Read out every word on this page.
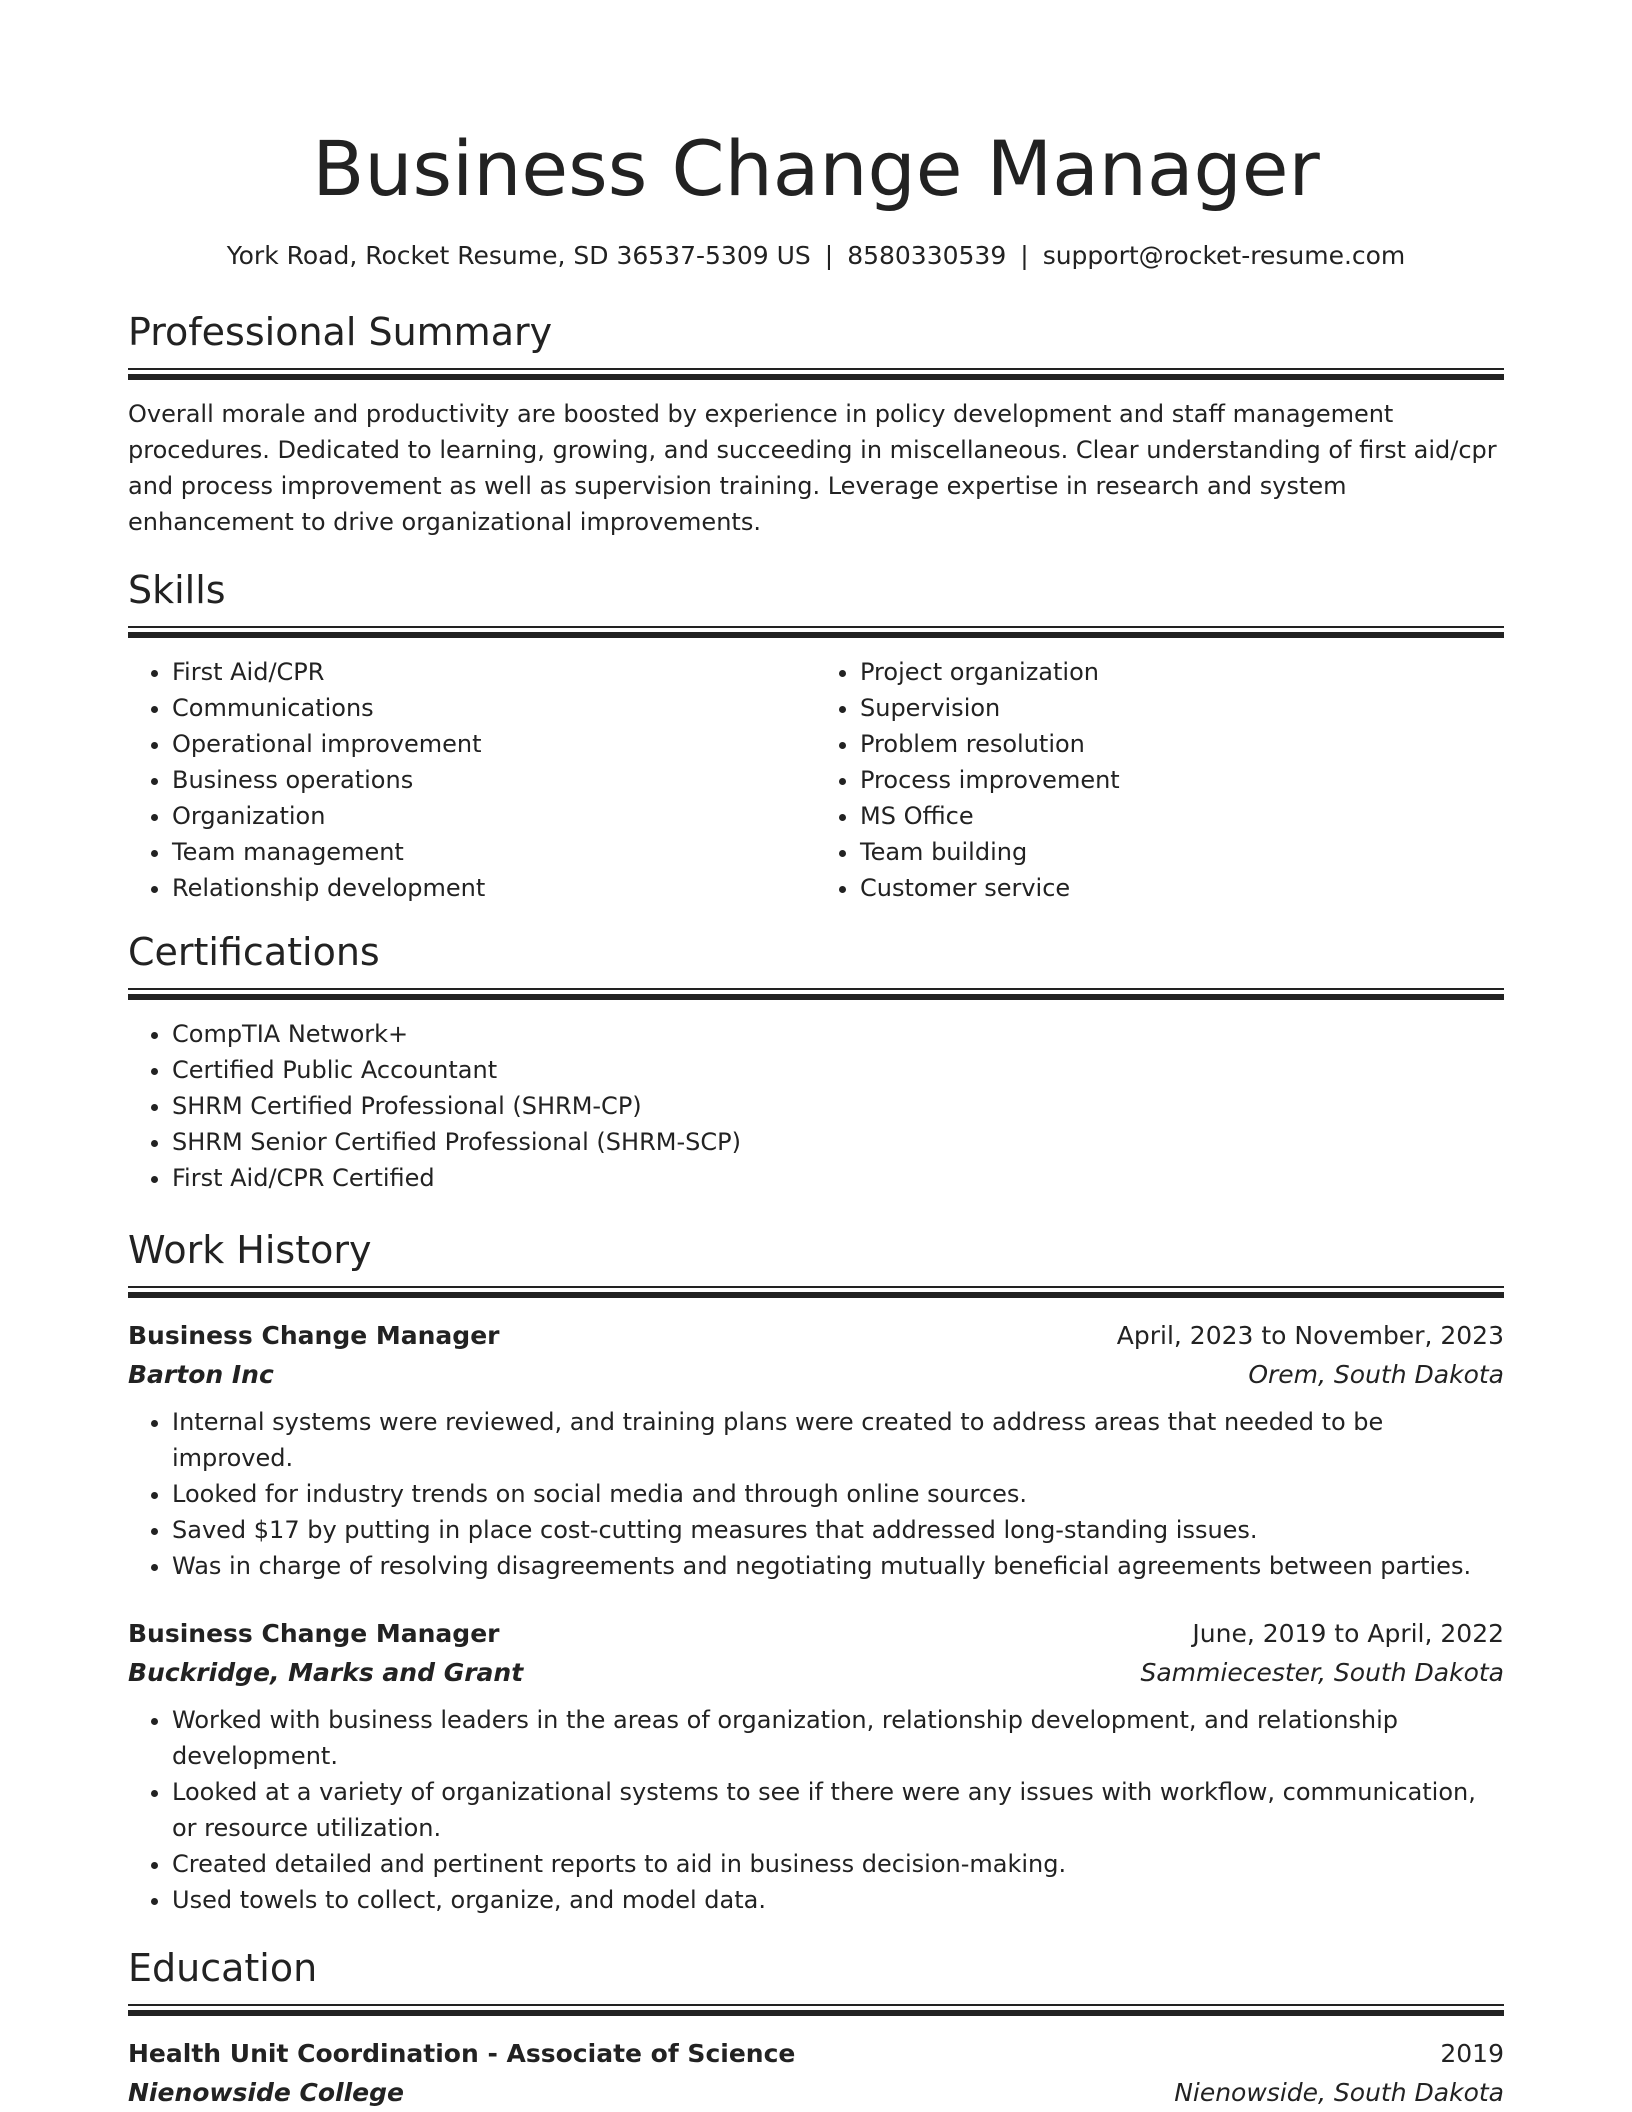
Business Change Manager
York Road, Rocket Resume, SD 36537-5309 US | 8580330539 | support@rocket-resume.com
Professional Summary

Overall morale and productivity are boosted by experience in policy development and staff management procedures. Dedicated to learning, growing, and succeeding in miscellaneous. Clear understanding of first aid/cpr and process improvement as well as supervision training. Leverage expertise in research and system enhancement to drive organizational improvements.

Skills
• First Aid/CPR
• Communications
• Operational improvement
• Business operations
• Organization
• Team management
• Relationship development
• Project organization
• Supervision
• Problem resolution
• Process improvement
• MS Office
• Team building
• Customer service
Certifications
• CompTIA Network+
• Certified Public Accountant
• SHRM Certified Professional (SHRM-CP)
• SHRM Senior Certified Professional (SHRM-SCP)
• First Aid/CPR Certified
Work History
Business Change Manager	April, 2023 to November, 2023
Barton Inc	Orem, South Dakota
• Internal systems were reviewed, and training plans were created to address areas that needed to be improved.
• Looked for industry trends on social media and through online sources.
• Saved $17 by putting in place cost-cutting measures that addressed long-standing issues.
• Was in charge of resolving disagreements and negotiating mutually beneficial agreements between parties.
Business Change Manager	June, 2019 to April, 2022
Buckridge, Marks and Grant	Sammiecester, South Dakota
• Worked with business leaders in the areas of organization, relationship development, and relationship development.
• Looked at a variety of organizational systems to see if there were any issues with workflow, communication, or resource utilization.
• Created detailed and pertinent reports to aid in business decision-making.
• Used towels to collect, organize, and model data.
Education
Health Unit Coordination - Associate of Science	2019
Nienowside College	Nienowside, South Dakota
